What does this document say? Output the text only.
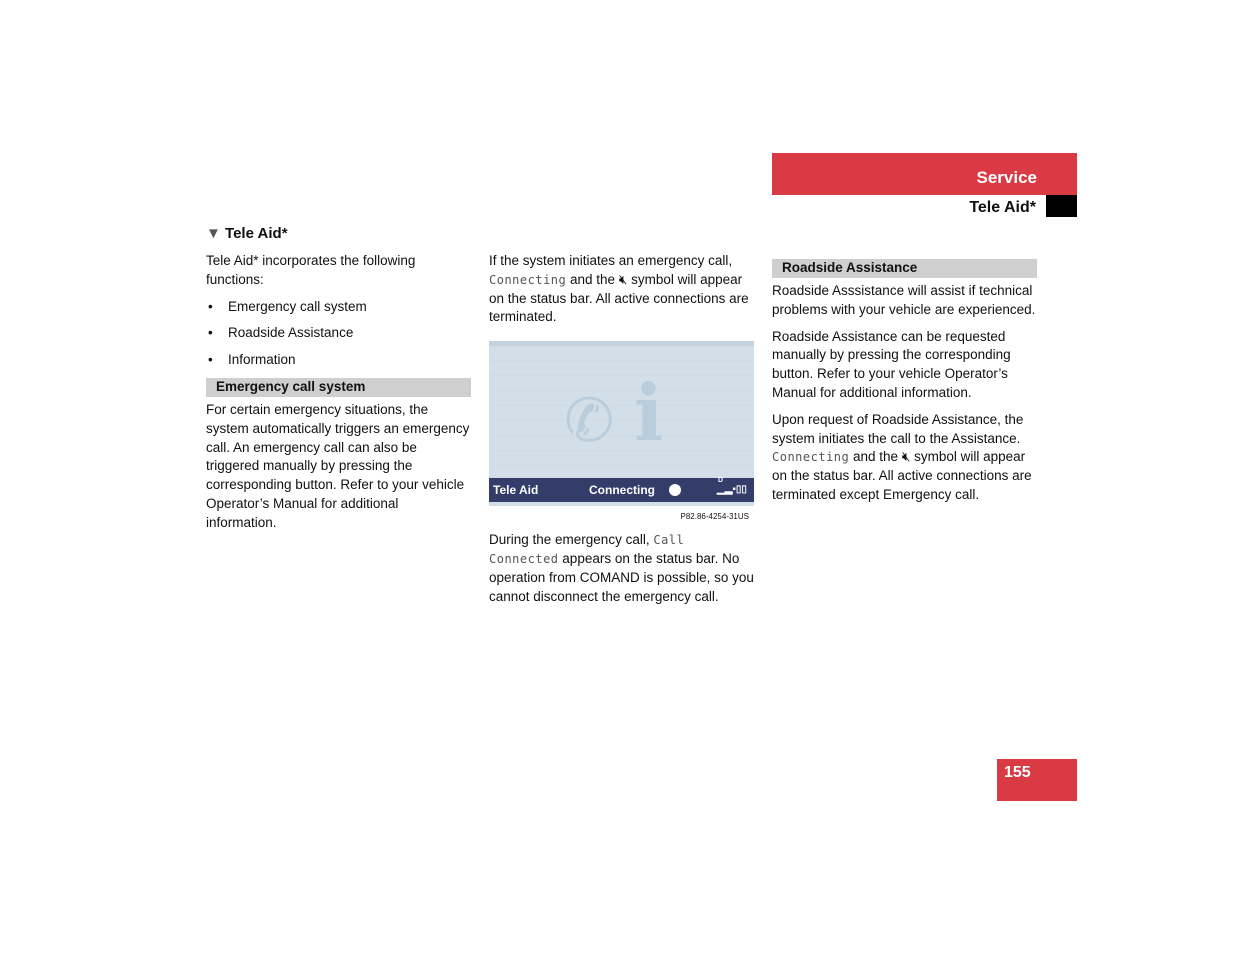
Service
Tele Aid*
▼ Tele Aid*

Tele Aid* incorporates the following functions:

• Emergency call system
• Roadside Assistance
• Information
Emergency call system

For certain emergency situations, the system automatically triggers an emergency call. An emergency call can also be triggered manually by pressing the corresponding button. Refer to your vehicle Operator’s Manual for additional information.

If the system initiates an emergency call, Connecting and the 🔇︎ symbol will appear on the status bar. All active connections are terminated.

✆ i
Tele Aid	Connecting
D
▁▂▪▯▯
P82.86-4254-31US

During the emergency call, Call Connected appears on the status bar. No operation from COMAND is possible, so you cannot disconnect the emergency call.

Roadside Assistance

Roadside Asssistance will assist if technical problems with your vehicle are experienced.

Roadside Assistance can be requested manually by pressing the corresponding button. Refer to your vehicle Operator’s Manual for additional information.

Upon request of Roadside Assistance, the system initiates the call to the Assistance. Connecting and the 🔇︎ symbol will appear on the status bar. All active connections are terminated except Emergency call.

155
